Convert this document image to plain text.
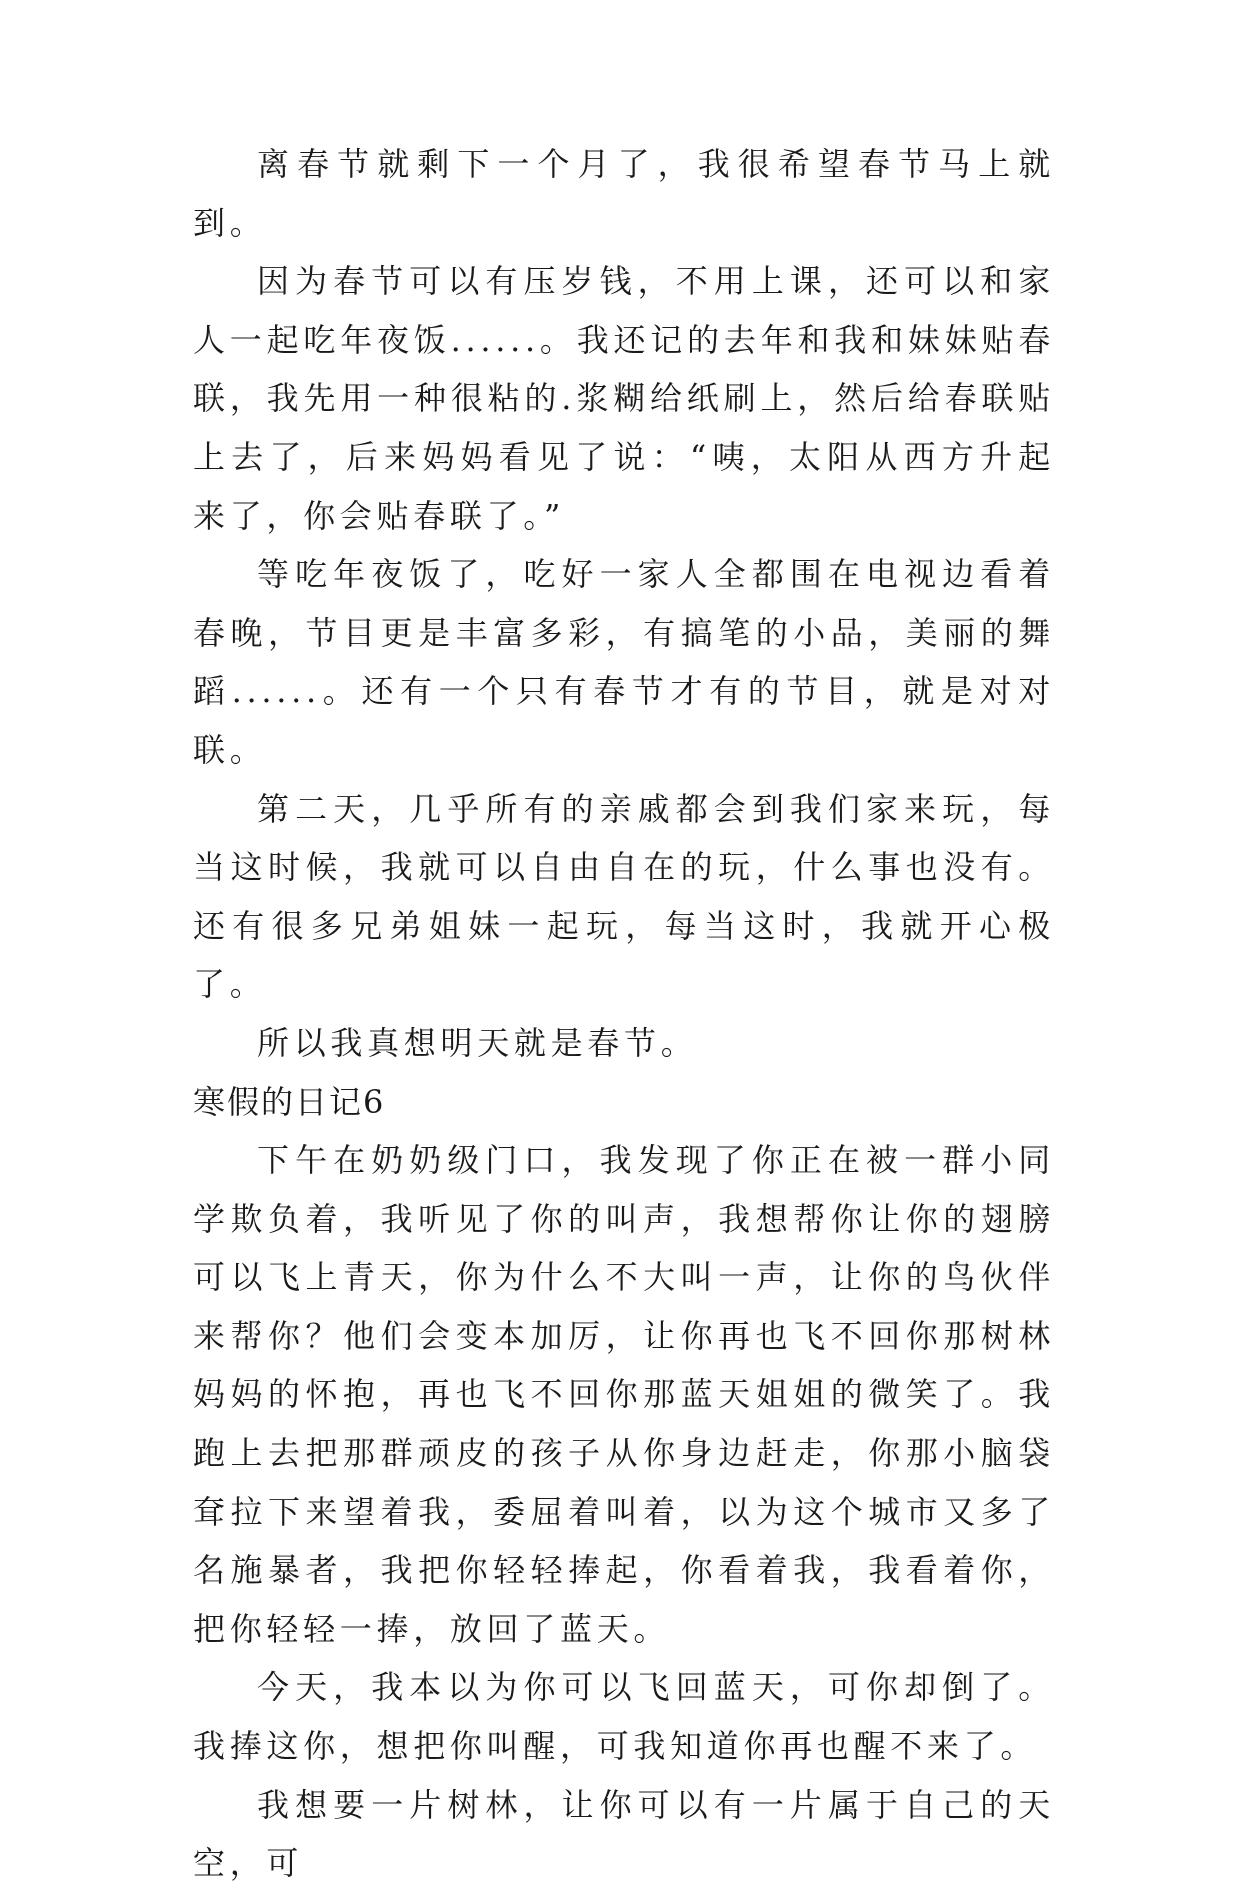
离春节就剩下一个月了，我很希望春节马上就到。

因为春节可以有压岁钱，不用上课，还可以和家人一起吃年夜饭......。我还记的去年和我和妹妹贴春联，我先用一种很粘的.浆糊给纸刷上，然后给春联贴上去了，后来妈妈看见了说：“咦，太阳从西方升起来了，你会贴春联了。”

等吃年夜饭了，吃好一家人全都围在电视边看着春晚，节目更是丰富多彩，有搞笔的小品，美丽的舞蹈......。还有一个只有春节才有的节目，就是对对联。

第二天，几乎所有的亲戚都会到我们家来玩，每当这时候，我就可以自由自在的玩，什么事也没有。还有很多兄弟姐妹一起玩，每当这时，我就开心极了。

所以我真想明天就是春节。

寒假的日记6

下午在奶奶级门口，我发现了你正在被一群小同学欺负着，我听见了你的叫声，我想帮你让你的翅膀可以飞上青天，你为什么不大叫一声，让你的鸟伙伴来帮你？他们会变本加厉，让你再也飞不回你那树林妈妈的怀抱，再也飞不回你那蓝天姐姐的微笑了。我跑上去把那群顽皮的孩子从你身边赶走，你那小脑袋耷拉下来望着我，委屈着叫着，以为这个城市又多了名施暴者，我把你轻轻捧起，你看着我，我看着你，把你轻轻一捧，放回了蓝天。

今天，我本以为你可以飞回蓝天，可你却倒了。我捧这你，想把你叫醒，可我知道你再也醒不来了。

我想要一片树林，让你可以有一片属于自己的天空，可
